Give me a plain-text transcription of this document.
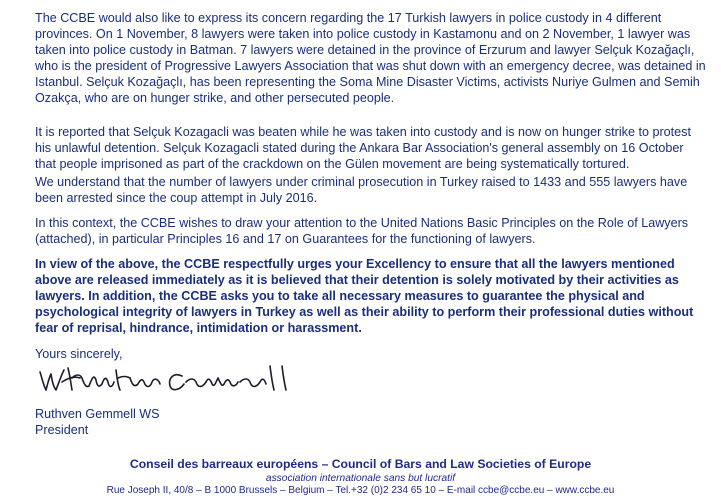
The CCBE would also like to express its concern regarding the 17 Turkish lawyers in police custody in 4 different provinces. On 1 November, 8 lawyers were taken into police custody in Kastamonu and on 2 November, 1 lawyer was taken into police custody in Batman. 7 lawyers were detained in the province of Erzurum and lawyer Selçuk Kozağaçlı, who is the president of Progressive Lawyers Association that was shut down with an emergency decree, was detained in Istanbul. Selçuk Kozağaçlı, has been representing the Soma Mine Disaster Victims, activists Nuriye Gulmen and Semih Ozakça, who are on hunger strike, and other persecuted people.

It is reported that Selçuk Kozagacli was beaten while he was taken into custody and is now on hunger strike to protest his unlawful detention. Selçuk Kozagacli stated during the Ankara Bar Association's general assembly on 16 October that people imprisoned as part of the crackdown on the Gülen movement are being systematically tortured.

We understand that the number of lawyers under criminal prosecution in Turkey raised to 1433 and 555 lawyers have been arrested since the coup attempt in July 2016.

In this context, the CCBE wishes to draw your attention to the United Nations Basic Principles on the Role of Lawyers (attached), in particular Principles 16 and 17 on Guarantees for the functioning of lawyers.

In view of the above, the CCBE respectfully urges your Excellency to ensure that all the lawyers mentioned above are released immediately as it is believed that their detention is solely motivated by their activities as lawyers. In addition, the CCBE asks you to take all necessary measures to guarantee the physical and psychological integrity of lawyers in Turkey as well as their ability to perform their professional duties without fear of reprisal, hindrance, intimidation or harassment.

Yours sincerely,

Ruthven Gemmell WS

President

Conseil des barreaux européens – Council of Bars and Law Societies of Europe

association internationale sans but lucratif

Rue Joseph II, 40/8 – B 1000 Brussels – Belgium – Tel.+32 (0)2 234 65 10 – E-mail ccbe@ccbe.eu – www.ccbe.eu
